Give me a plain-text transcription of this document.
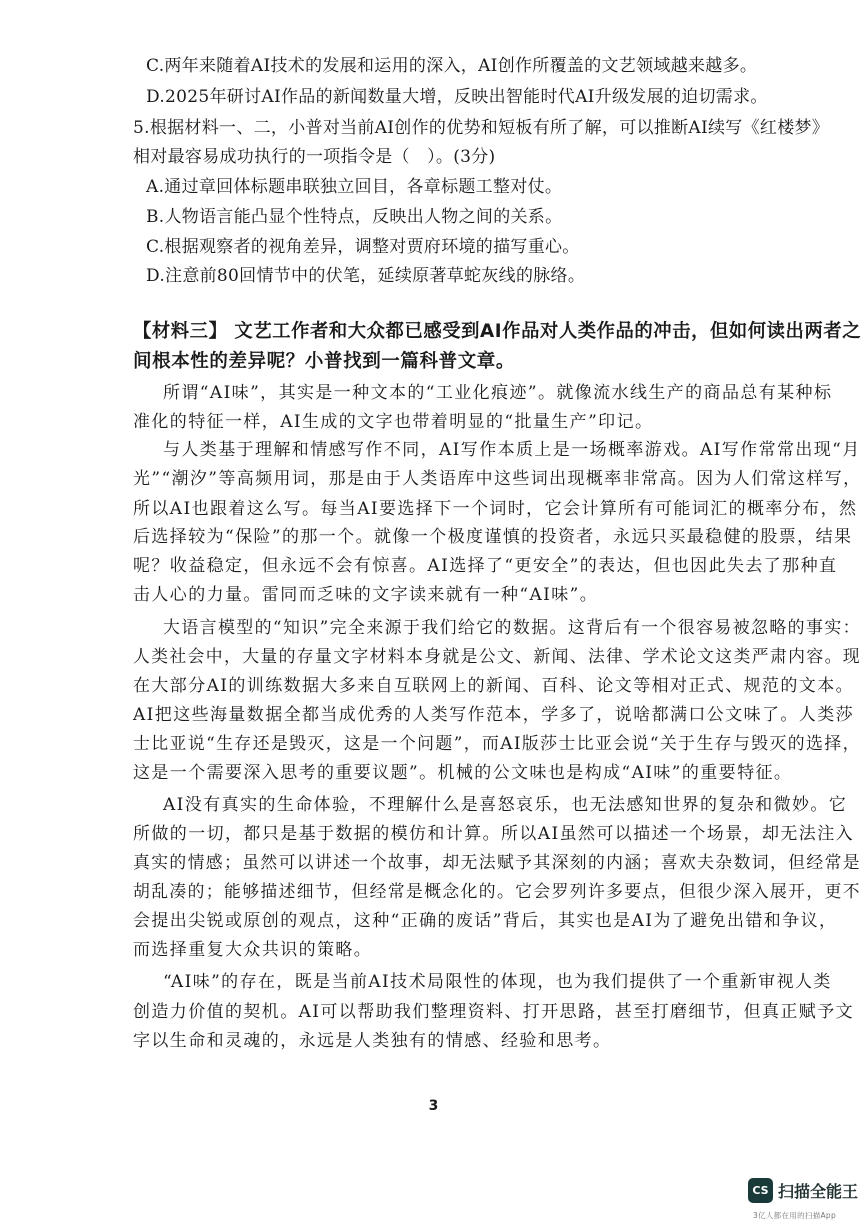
C.两年来随着AI技术的发展和运用的深入，AI创作所覆盖的文艺领域越来越多。
D.2025年研讨AI作品的新闻数量大增，反映出智能时代AI升级发展的迫切需求。
5.根据材料一、二，小普对当前AI创作的优势和短板有所了解，可以推断AI续写《红楼梦》
相对最容易成功执行的一项指令是（　）。(3分)
A.通过章回体标题串联独立回目，各章标题工整对仗。
B.人物语言能凸显个性特点，反映出人物之间的关系。
C.根据观察者的视角差异，调整对贾府环境的描写重心。
D.注意前80回情节中的伏笔，延续原著草蛇灰线的脉络。
【材料三】 文艺工作者和大众都已感受到AI作品对人类作品的冲击，但如何读出两者之
间根本性的差异呢？小普找到一篇科普文章。
所谓“AI味”，其实是一种文本的“工业化痕迹”。就像流水线生产的商品总有某种标
准化的特征一样，AI生成的文字也带着明显的“批量生产”印记。
与人类基于理解和情感写作不同，AI写作本质上是一场概率游戏。AI写作常常出现“月
光”“潮汐”等高频用词，那是由于人类语库中这些词出现概率非常高。因为人们常这样写，
所以AI也跟着这么写。每当AI要选择下一个词时，它会计算所有可能词汇的概率分布，然
后选择较为“保险”的那一个。就像一个极度谨慎的投资者，永远只买最稳健的股票，结果
呢？收益稳定，但永远不会有惊喜。AI选择了“更安全”的表达，但也因此失去了那种直
击人心的力量。雷同而乏味的文字读来就有一种“AI味”。
大语言模型的“知识”完全来源于我们给它的数据。这背后有一个很容易被忽略的事实：
人类社会中，大量的存量文字材料本身就是公文、新闻、法律、学术论文这类严肃内容。现
在大部分AI的训练数据大多来自互联网上的新闻、百科、论文等相对正式、规范的文本。
AI把这些海量数据全都当成优秀的人类写作范本，学多了，说啥都满口公文味了。人类莎
士比亚说“生存还是毁灭，这是一个问题”，而AI版莎士比亚会说“关于生存与毁灭的选择，
这是一个需要深入思考的重要议题”。机械的公文味也是构成“AI味”的重要特征。
AI没有真实的生命体验，不理解什么是喜怒哀乐，也无法感知世界的复杂和微妙。它
所做的一切，都只是基于数据的模仿和计算。所以AI虽然可以描述一个场景，却无法注入
真实的情感；虽然可以讲述一个故事，却无法赋予其深刻的内涵；喜欢夫杂数词，但经常是
胡乱凑的；能够描述细节，但经常是概念化的。它会罗列许多要点，但很少深入展开，更不
会提出尖锐或原创的观点，这种“正确的废话”背后，其实也是AI为了避免出错和争议，
而选择重复大众共识的策略。
“AI味”的存在，既是当前AI技术局限性的体现，也为我们提供了一个重新审视人类
创造力价值的契机。AI可以帮助我们整理资料、打开思路，甚至打磨细节，但真正赋予文
字以生命和灵魂的，永远是人类独有的情感、经验和思考。
3
CS 扫描全能王
3亿人都在用的扫描App
